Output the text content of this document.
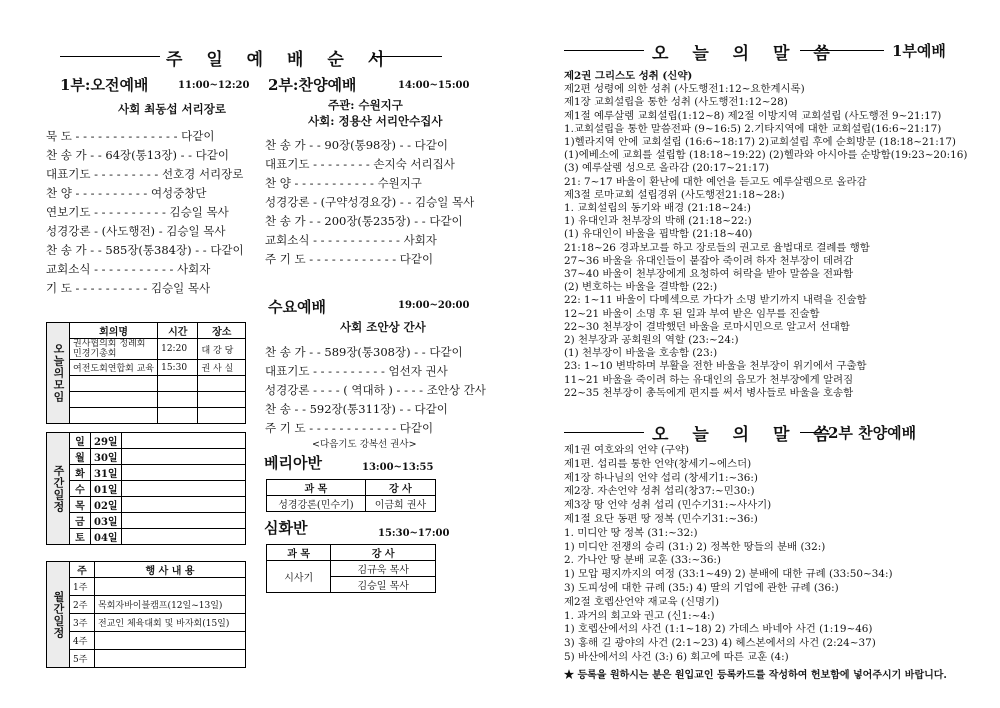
주 일 예 배 순 서
1부:오전예배	11:00~12:20
사회 최동섭 서리장로
묵 도 - - - - - - - - - - - - - - 다같이
찬 송 가 - - 64장(통13장) - - 다같이
대표기도 - - - - - - - - - 선호경 서리장로
찬 양 - - - - - - - - - - 여성중창단
연보기도 - - - - - - - - - - 김승일 목사
성경강론 - (사도행전) - 김승일 목사
찬 송 가 - - 585장(통384장) - - 다같이
교회소식 - - - - - - - - - - - 사회자
기 도 - - - - - - - - - - 김승일 목사
2부:찬양예배	14:00~15:00
주관: 수원지구
사회: 정용산 서리안수집사
찬 송 가 - - 90장(통98장) - - 다같이
대표기도 - - - - - - - - 손지숙 서리집사
찬 양 - - - - - - - - - - - 수원지구
성경강론 - (구약성경요강) - - 김승일 목사
찬 송 가 - - 200장(통235장) - - 다같이
교회소식 - - - - - - - - - - - - 사회자
주 기 도 - - - - - - - - - - - - 다같이
수요예배	19:00~20:00
사회 조안상 간사
찬 송 가 - - 589장(통308장) - - 다같이
대표기도 - - - - - - - - - - 엄선자 권사
성경강론 - - - - ( 역대하 ) - - - - 조안상 간사
찬 송 - - 592장(통311장) - - 다같이
주 기 도 - - - - - - - - - - - - 다같이
<다음기도 강복선 권사>
베리아반	13:00~13:55
과 목	강 사
성경강론(민수기)	이금희 권사
심화반	15:30~17:00
과 목	강 사
시사기	김규욱 목사
	김승일 목사
오늘의모임	회의명	시간	장소
	권사협의회 정례회 민경기총회	12:20	대 강 당
	여전도회연합회 교육	15:30	권 사 실

주간일정	일	29일	
	월	30일	
	화	31일	
	수	01일	
	목	02일	
	금	03일	
	토	04일	
월간일정	주	행 사 내 용
	1주	
	2주	목회자바이블캠프(12일~13일)
	3주	전교인 체육대회 및 바자회(15일)
	4주	
	5주	
오 늘 의 말 씀	1부예배
제2권 그리스도 성취 (신약)
제2편 성령에 의한 성취 (사도행전1:12~요한계시록)
제1장 교회설립을 통한 성취 (사도행전1:12~28)
제1절 예루살렘 교회설립(1:12~8) 제2절 이방지역 교회설립 (사도행전 9~21:17)
1.교회설립을 통한 말씀전파 (9~16:5) 2.기타지역에 대한 교회설립(16:6~21:17)
1)헬라지역 안에 교회설립 (16:6~18:17) 2)교회설립 후에 순회방문 (18:18~21:17)
(1)에베소에 교회를 설립함 (18:18~19:22) (2)헬라와 아시아를 순방함(19:23~20:16)
(3) 예루살렘 성으로 올라감 (20:17~21:17)
21: 7~17 바울이 환난에 대한 예언을 듣고도 예루살렘으로 올라감
제3절 로마교회 설립경위 (사도행전21:18~28:)
1. 교회설립의 동기와 배경 (21:18~24:)
1) 유대인과 천부장의 박해 (21:18~22:)
(1) 유대인이 바울을 핍박함 (21:18~40)
21:18~26 경과보고를 하고 장로들의 권고로 율법대로 결례를 행함
27~36 바울을 유대인들이 붙잡아 죽이려 하자 천부장이 데려감
37~40 바울이 천부장에게 요청하여 허락을 받아 말씀을 전파함
(2) 변호하는 바울을 결박함 (22:)
22: 1~11 바울이 다메섹으로 가다가 소명 받기까지 내력을 진술함
12~21 바울이 소명 후 된 일과 부여 받은 임무를 진술함
22~30 천부장이 결박했던 바울을 로마시민으로 알고서 선대함
2) 천부장과 공회원의 역할 (23:~24:)
(1) 천부장이 바울을 호송함 (23:)
23: 1~10 변박하며 부활을 전한 바울을 천부장이 위기에서 구출함
11~21 바울을 죽이려 하는 유대인의 음모가 천부장에게 알려짐
22~35 천부장이 총독에게 편지를 써서 병사들로 바울을 호송함
오 늘 의 말 씀
2부 찬양예배
제1권 여호와의 언약 (구약)
제1편. 섭리를 통한 언약(창세기~에스더)
제1장 하나님의 언약 섭리 (창세기1:~36:)
제2장. 자손언약 성취 섭리(창37:~민30:)
제3장 땅 언약 성취 섭리 (민수기31:~사사기)
제1절 요단 동편 땅 정복 (민수기31:~36:)
1. 미디안 땅 정복 (31:~32:)
1) 미디안 전쟁의 승리 (31:) 2) 정복한 땅들의 분배 (32:)
2. 가나안 땅 분배 교훈 (33:~36:)
1) 모압 평지까지의 여정 (33:1~49) 2) 분배에 대한 규례 (33:50~34:)
3) 도피성에 대한 규례 (35:) 4) 딸의 기업에 관한 규례 (36:)
제2절 호렙산언약 재교육 (신명기)
1. 과거의 회고와 권고 (신1:~4:)
1) 호렙산에서의 사건 (1:1~18) 2) 가데스 바네아 사건 (1:19~46)
3) 홍해 길 광야의 사건 (2:1~23) 4) 헤스본에서의 사건 (2:24~37)
5) 바산에서의 사건 (3:) 6) 회고에 따른 교훈 (4:)
★ 등록을 원하시는 분은 원입교인 등록카드를 작성하여 헌보함에 넣어주시기 바랍니다.
